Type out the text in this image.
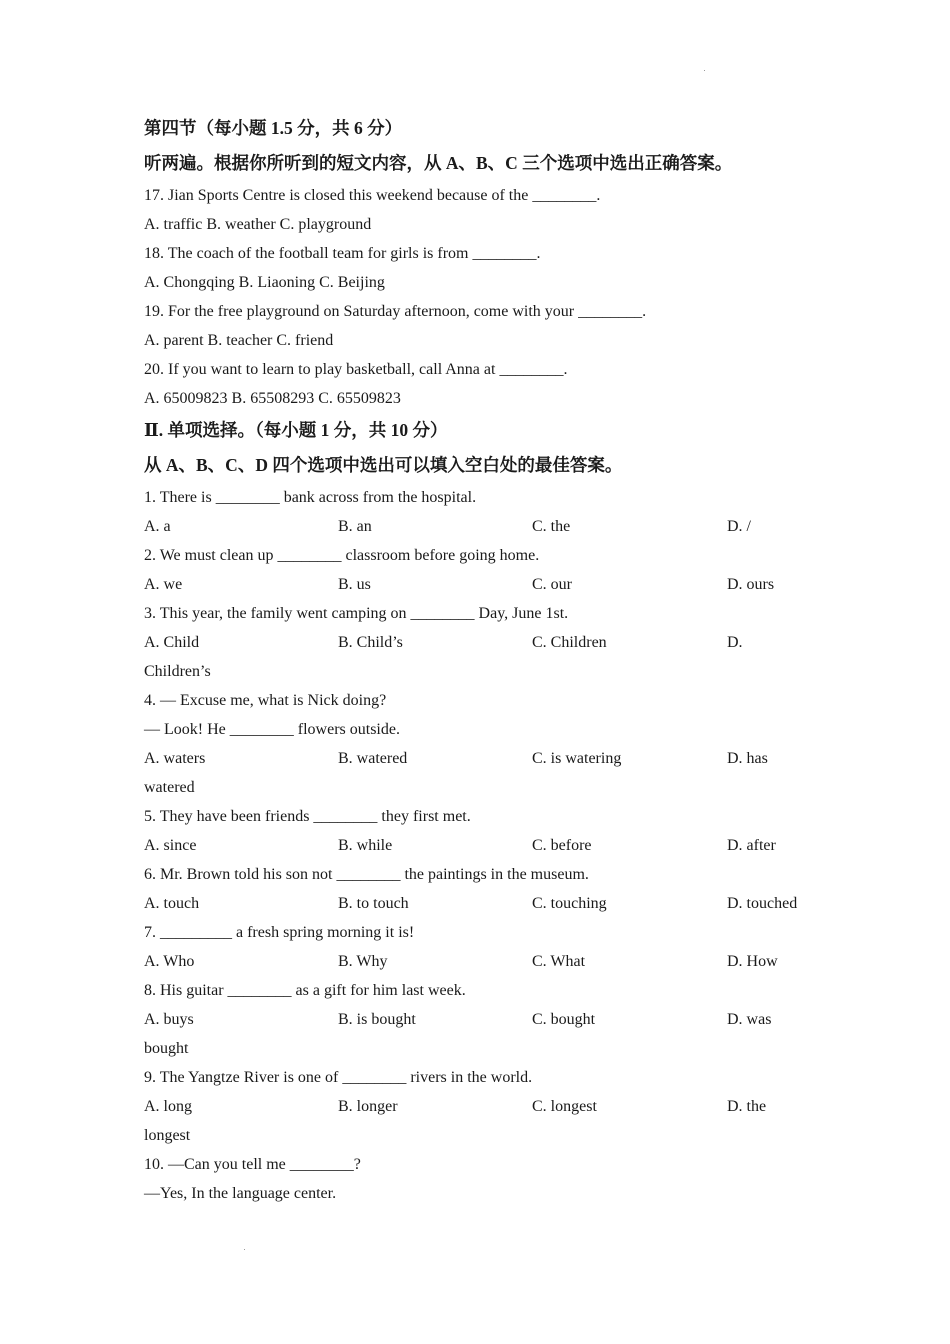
第四节（每小题 1.5 分，共 6 分）
听两遍。根据你所听到的短文内容，从 A、B、C 三个选项中选出正确答案。
17. Jian Sports Centre is closed this weekend because of the ________.
A. traffic B. weather C. playground
18. The coach of the football team for girls is from ________.
A. Chongqing B. Liaoning C. Beijing
19. For the free playground on Saturday afternoon, come with your ________.
A. parent B. teacher C. friend
20. If you want to learn to play basketball, call Anna at ________.
A. 65009823 B. 65508293 C. 65509823
Ⅱ. 单项选择。（每小题 1 分，共 10 分）
从 A、B、C、D 四个选项中选出可以填入空白处的最佳答案。
1. There is ________ bank across from the hospital.
A. a	B. an	C. the	D. /
2. We must clean up ________ classroom before going home.
A. we	B. us	C. our	D. ours
3. This year, the family went camping on ________ Day, June 1st.
A. Child	B. Child’s	C. Children	D.
Children’s
4. — Excuse me, what is Nick doing?
— Look! He ________ flowers outside.
A. waters	B. watered	C. is watering	D. has
watered
5. They have been friends ________ they first met.
A. since	B. while	C. before	D. after
6. Mr. Brown told his son not ________ the paintings in the museum.
A. touch	B. to touch	C. touching	D. touched
7. _________ a fresh spring morning it is!
A. Who	B. Why	C. What	D. How
8. His guitar ________ as a gift for him last week.
A. buys	B. is bought	C. bought	D. was
bought
9. The Yangtze River is one of ________ rivers in the world.
A. long	B. longer	C. longest	D. the
longest
10. —Can you tell me ________?
—Yes, In the language center.
